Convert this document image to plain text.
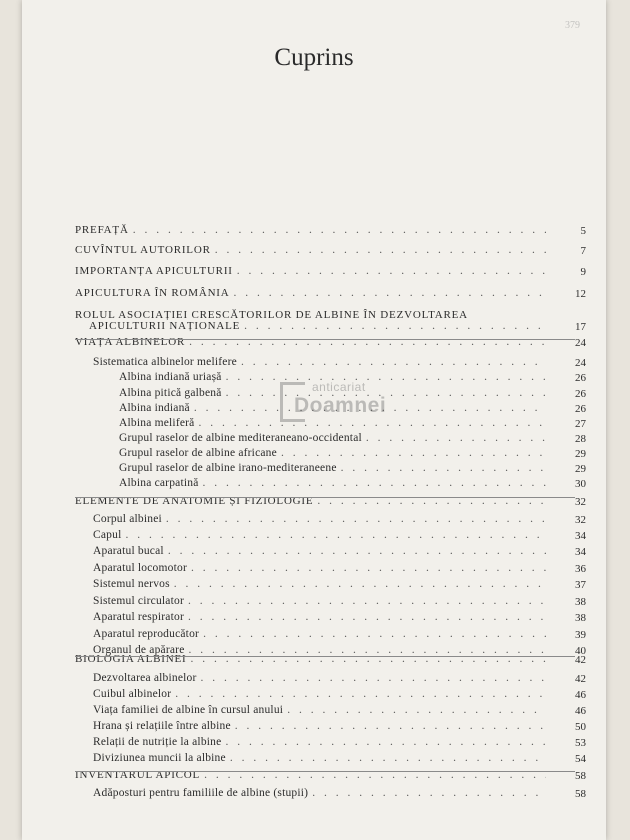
379
Cuprins
anticariat
Doamnei
PREFAȚĂ . . .	5
CUVÎNTUL AUTORILOR . . .	7
IMPORTANȚA APICULTURII . . .	9
APICULTURA ÎN ROMÂNIA . . .	12
ROLUL ASOCIAȚIEI CRESCĂTORILOR DE ALBINE ÎN DEZVOLTAREA
APICULTURII NAȚIONALE . . .	17
VIAȚA ALBINELOR . . .	24
Sistematica albinelor melifere . . .	24
Albina indiană uriașă . . .	26
Albina pitică galbenă . . .	26
Albina indiană . . .	26
Albina meliferă . . .	27
Grupul raselor de albine mediteraneano-occidental . . .	28
Grupul raselor de albine africane . . .	29
Grupul raselor de albine irano-mediteraneene . . .	29
Albina carpatină . . .	30
ELEMENTE DE ANATOMIE ȘI FIZIOLOGIE . . .	32
Corpul albinei . . .	32
Capul . . .	34
Aparatul bucal . . .	34
Aparatul locomotor . . .	36
Sistemul nervos . . .	37
Sistemul circulator . . .	38
Aparatul respirator . . .	38
Aparatul reproducător . . .	39
Organul de apărare . . .	40
BIOLOGIA ALBINEI . . .	42
Dezvoltarea albinelor . . .	42
Cuibul albinelor . . .	46
Viața familiei de albine în cursul anului . . .	46
Hrana și relațiile între albine . . .	50
Relații de nutriție la albine . . .	53
Diviziunea muncii la albine . . .	54
INVENTARUL APICOL . . .	58
Adăposturi pentru familiile de albine (stupii) . . .	58
